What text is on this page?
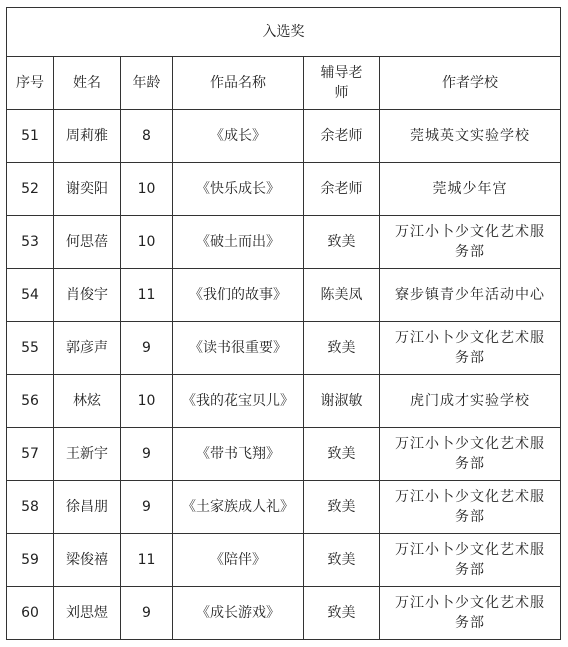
入选奖					
序号	姓名	年龄	作品名称	辅导老师	作者学校
51	周莉雅	8	《成长》	余老师	莞城英文实验学校
52	谢奕阳	10	《快乐成长》	余老师	莞城少年宫
53	何思蓓	10	《破土而出》	致美	万江小卜少文化艺术服务部
54	肖俊宇	11	《我们的故事》	陈美凤	寮步镇青少年活动中心
55	郭彦声	9	《读书很重要》	致美	万江小卜少文化艺术服务部
56	林炫	10	《我的花宝贝儿》	谢淑敏	虎门成才实验学校
57	王新宇	9	《带书飞翔》	致美	万江小卜少文化艺术服务部
58	徐昌朋	9	《土家族成人礼》	致美	万江小卜少文化艺术服务部
59	梁俊禧	11	《陪伴》	致美	万江小卜少文化艺术服务部
60	刘思煜	9	《成长游戏》	致美	万江小卜少文化艺术服务部
